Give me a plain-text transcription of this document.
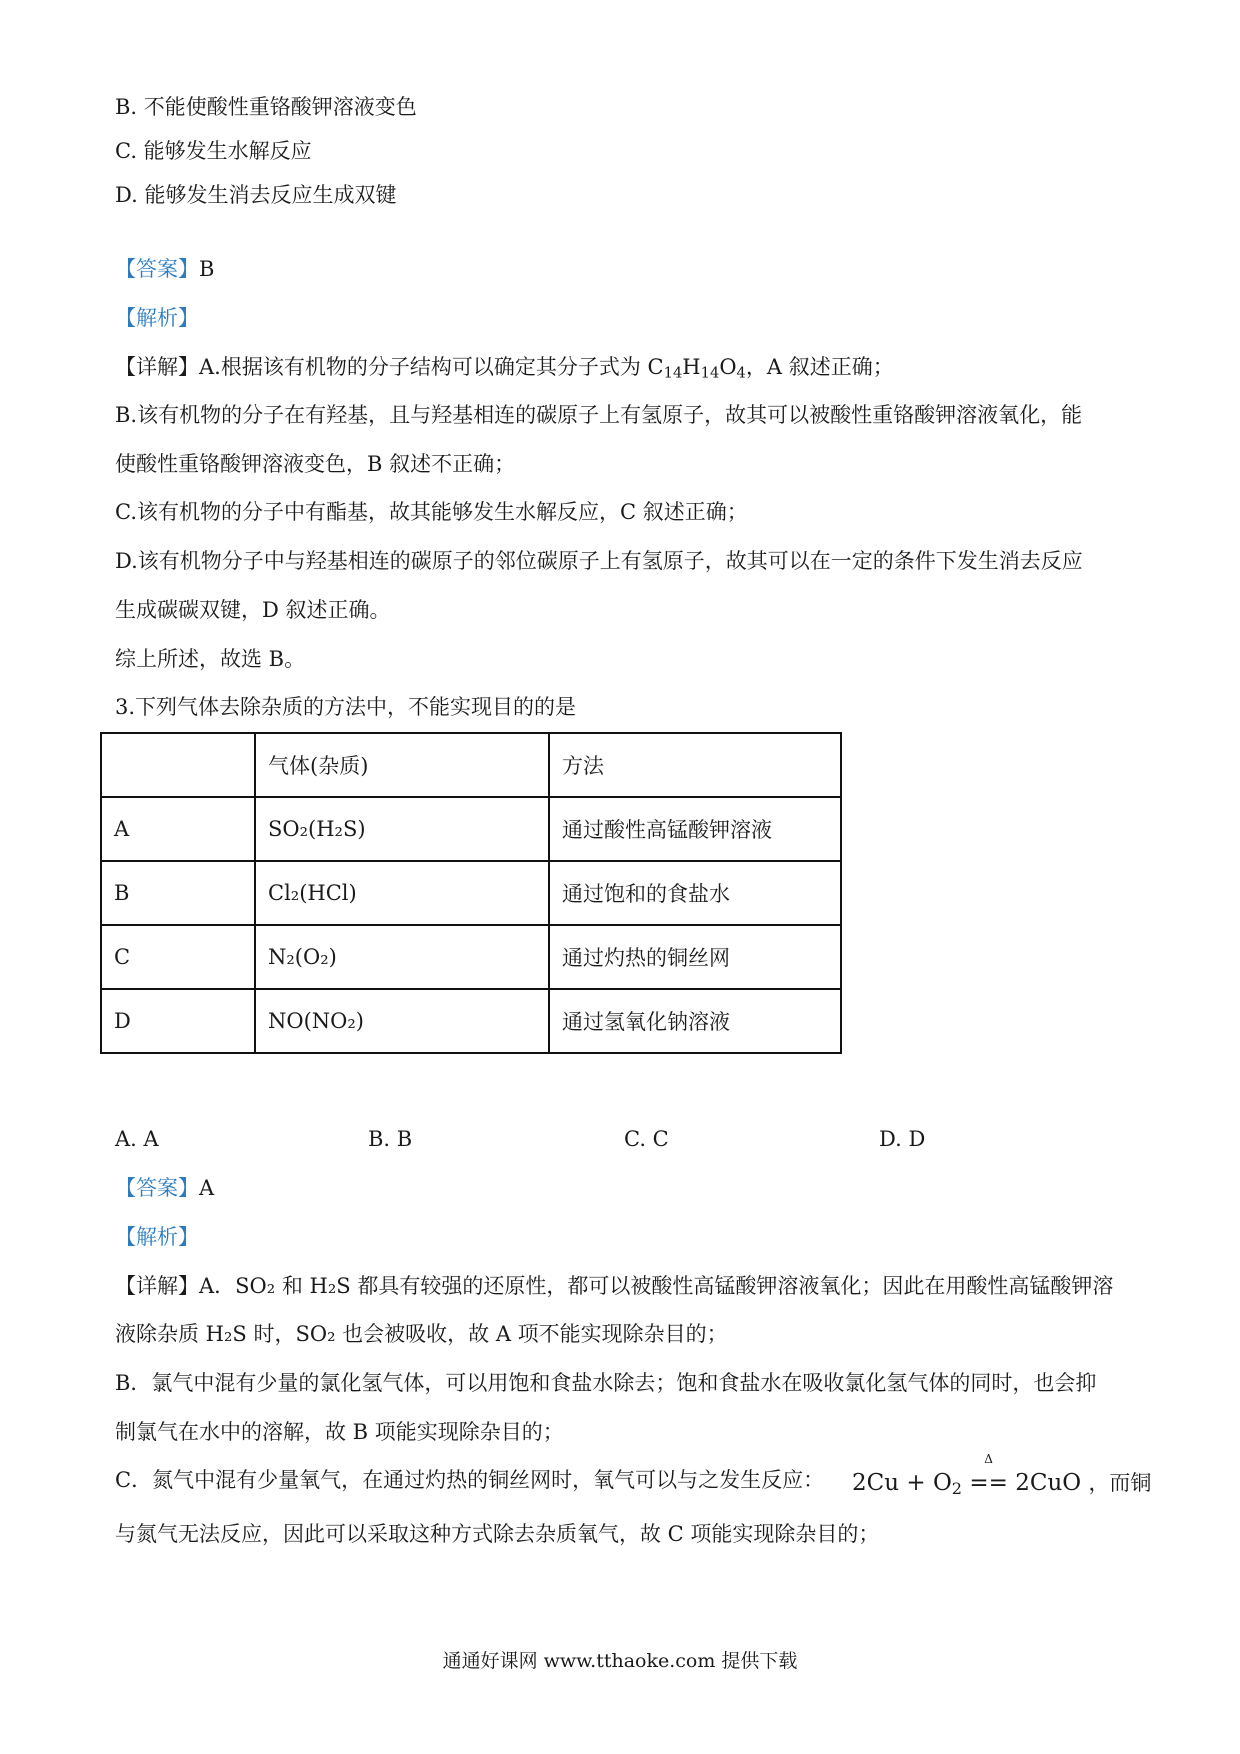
B. 不能使酸性重铬酸钾溶液变色
C. 能够发生水解反应
D. 能够发生消去反应生成双键
【答案】B
【解析】
【详解】A.根据该有机物的分子结构可以确定其分子式为 $C_{14}H_{14}O_4$，A 叙述正确；
B.该有机物的分子在有羟基，且与羟基相连的碳原子上有氢原子，故其可以被酸性重铬酸钾溶液氧化，能
使酸性重铬酸钾溶液变色，B 叙述不正确；
C.该有机物的分子中有酯基，故其能够发生水解反应，C 叙述正确；
D.该有机物分子中与羟基相连的碳原子的邻位碳原子上有氢原子，故其可以在一定的条件下发生消去反应
生成碳碳双键，D 叙述正确。
综上所述，故选 B。
3.下列气体去除杂质的方法中，不能实现目的的是
	气体(杂质)	方法
A	SO₂(H₂S)	通过酸性高锰酸钾溶液
B	Cl₂(HCl)	通过饱和的食盐水
C	N₂(O₂)	通过灼热的铜丝网
D	NO(NO₂)	通过氢氧化钠溶液
A. A	B. B	C. C	D. D
【答案】A
【解析】
【详解】A．SO₂ 和 H₂S 都具有较强的还原性，都可以被酸性高锰酸钾溶液氧化；因此在用酸性高锰酸钾溶
液除杂质 H₂S 时，SO₂ 也会被吸收，故 A 项不能实现除杂目的；
B．氯气中混有少量的氯化氢气体，可以用饱和食盐水除去；饱和食盐水在吸收氯化氢气体的同时，也会抑
制氯气在水中的溶解，故 B 项能实现除杂目的；
C．氮气中混有少量氧气，在通过灼热的铜丝网时，氧气可以与之发生反应： $2Cu + O_2$
Δ
== 2CuO ，而铜
与氮气无法反应，因此可以采取这种方式除去杂质氧气，故 C 项能实现除杂目的；
通通好课网 www.tthaoke.com 提供下载
